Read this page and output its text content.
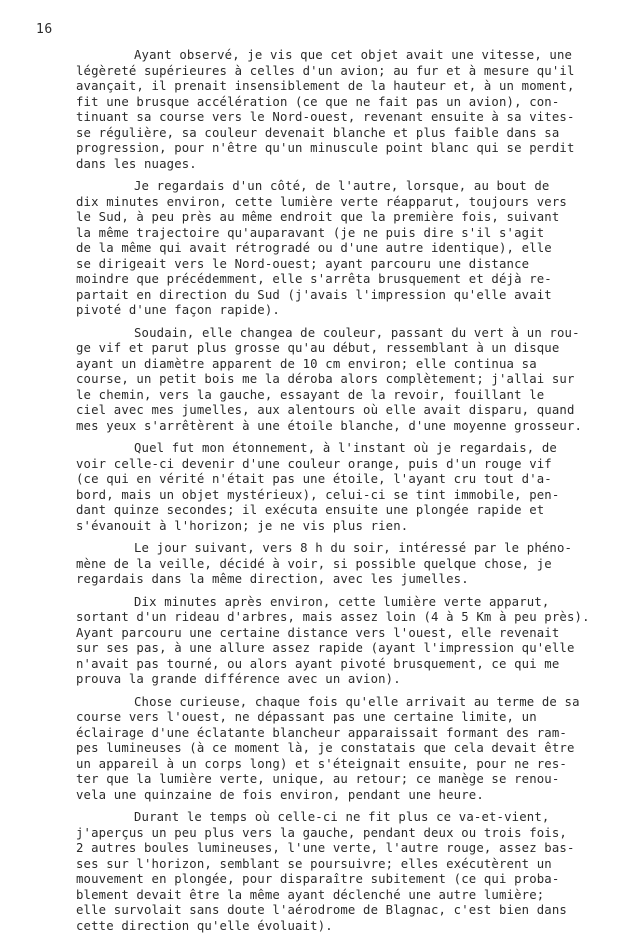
16
Ayant observé, je vis que cet objet avait une vitesse, une
légèreté supérieures à celles d'un avion; au fur et à mesure qu'il
avançait, il prenait insensiblement de la hauteur et, à un moment,
fit une brusque accélération (ce que ne fait pas un avion), con-
tinuant sa course vers le Nord-ouest, revenant ensuite à sa vites-
se régulière, sa couleur devenait blanche et plus faible dans sa
progression, pour n'être qu'un minuscule point blanc qui se perdit
dans les nuages.
Je regardais d'un côté, de l'autre, lorsque, au bout de
dix minutes environ, cette lumière verte réapparut, toujours vers
le Sud, à peu près au même endroit que la première fois, suivant
la même trajectoire qu'auparavant (je ne puis dire s'il s'agit
de la même qui avait rétrogradé ou d'une autre identique), elle
se dirigeait vers le Nord-ouest; ayant parcouru une distance
moindre que précédemment, elle s'arrêta brusquement et déjà re-
partait en direction du Sud (j'avais l'impression qu'elle avait
pivoté d'une façon rapide).
Soudain, elle changea de couleur, passant du vert à un rou-
ge vif et parut plus grosse qu'au début, ressemblant à un disque
ayant un diamètre apparent de 10 cm environ; elle continua sa
course, un petit bois me la déroba alors complètement; j'allai sur
le chemin, vers la gauche, essayant de la revoir, fouillant le
ciel avec mes jumelles, aux alentours où elle avait disparu, quand
mes yeux s'arrêtèrent à une étoile blanche, d'une moyenne grosseur.
Quel fut mon étonnement, à l'instant où je regardais, de
voir celle-ci devenir d'une couleur orange, puis d'un rouge vif
(ce qui en vérité n'était pas une étoile, l'ayant cru tout d'a-
bord, mais un objet mystérieux), celui-ci se tint immobile, pen-
dant quinze secondes; il exécuta ensuite une plongée rapide et
s'évanouit à l'horizon; je ne vis plus rien.
Le jour suivant, vers 8 h du soir, intéressé par le phéno-
mène de la veille, décidé à voir, si possible quelque chose, je
regardais dans la même direction, avec les jumelles.
Dix minutes après environ, cette lumière verte apparut,
sortant d'un rideau d'arbres, mais assez loin (4 à 5 Km à peu près).
Ayant parcouru une certaine distance vers l'ouest, elle revenait
sur ses pas, à une allure assez rapide (ayant l'impression qu'elle
n'avait pas tourné, ou alors ayant pivoté brusquement, ce qui me
prouva la grande différence avec un avion).
Chose curieuse, chaque fois qu'elle arrivait au terme de sa
course vers l'ouest, ne dépassant pas une certaine limite, un
éclairage d'une éclatante blancheur apparaissait formant des ram-
pes lumineuses (à ce moment là, je constatais que cela devait être
un appareil à un corps long) et s'éteignait ensuite, pour ne res-
ter que la lumière verte, unique, au retour; ce manège se renou-
vela une quinzaine de fois environ, pendant une heure.
Durant le temps où celle-ci ne fit plus ce va-et-vient,
j'aperçus un peu plus vers la gauche, pendant deux ou trois fois,
2 autres boules lumineuses, l'une verte, l'autre rouge, assez bas-
ses sur l'horizon, semblant se poursuivre; elles exécutèrent un
mouvement en plongée, pour disparaître subitement (ce qui proba-
blement devait être la même ayant déclenché une autre lumière;
elle survolait sans doute l'aérodrome de Blagnac, c'est bien dans
cette direction qu'elle évoluait).
